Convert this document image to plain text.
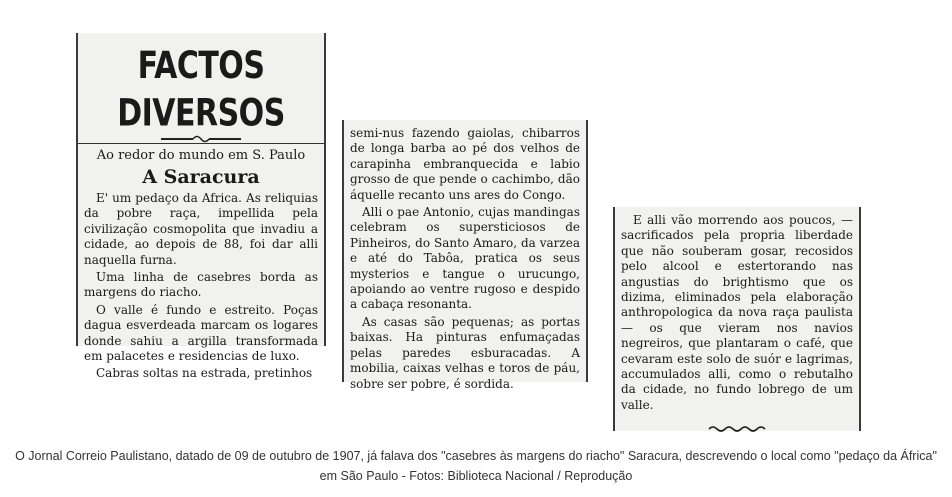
FACTOS DIVERSOS
Ao redor do mundo em S. Paulo
A Saracura

E' um pedaço da Africa. As reliquias da pobre raça, impellida pela civilização cosmopolita que invadiu a cidade, ao depois de 88, foi dar alli naquella furna.

Uma linha de casebres borda as margens do riacho.

O valle é fundo e estreito. Poças dagua esverdeada marcam os logares donde sahiu a argilla transformada em palacetes e residencias de luxo.

Cabras soltas na estrada, pretinhos

semi-nus fazendo gaiolas, chibarros de longa barba ao pé dos velhos de carapinha embranquecida e labio grosso de que pende o cachimbo, dão áquelle recanto uns ares do Congo.

Alli o pae Antonio, cujas mandingas celebram os supersticiosos de Pinheiros, do Santo Amaro, da varzea e até do Tabôa, pratica os seus mysterios e tangue o urucungo, apoiando ao ventre rugoso e despido a cabaça resonanta.

As casas são pequenas; as portas baixas. Ha pinturas enfumaçadas pelas paredes esburacadas. A mobilia, caixas velhas e toros de páu, sobre ser pobre, é sordida.

E alli vão morrendo aos poucos, — sacrificados pela propria liberdade que não souberam gosar, recosidos pelo alcool e estertorando nas angustias do brightismo que os dizima, eliminados pela elaboração anthropologica da nova raça paulista — os que vieram nos navios negreiros, que plantaram o café, que cevaram este solo de suór e lagrimas, accumulados alli, como o rebutalho da cidade, no fundo lobrego de um valle.

O Jornal Correio Paulistano, datado de 09 de outubro de 1907, já falava dos "casebres às margens do riacho" Saracura, descrevendo o local como "pedaço da África" em São Paulo - Fotos: Biblioteca Nacional / Reprodução
